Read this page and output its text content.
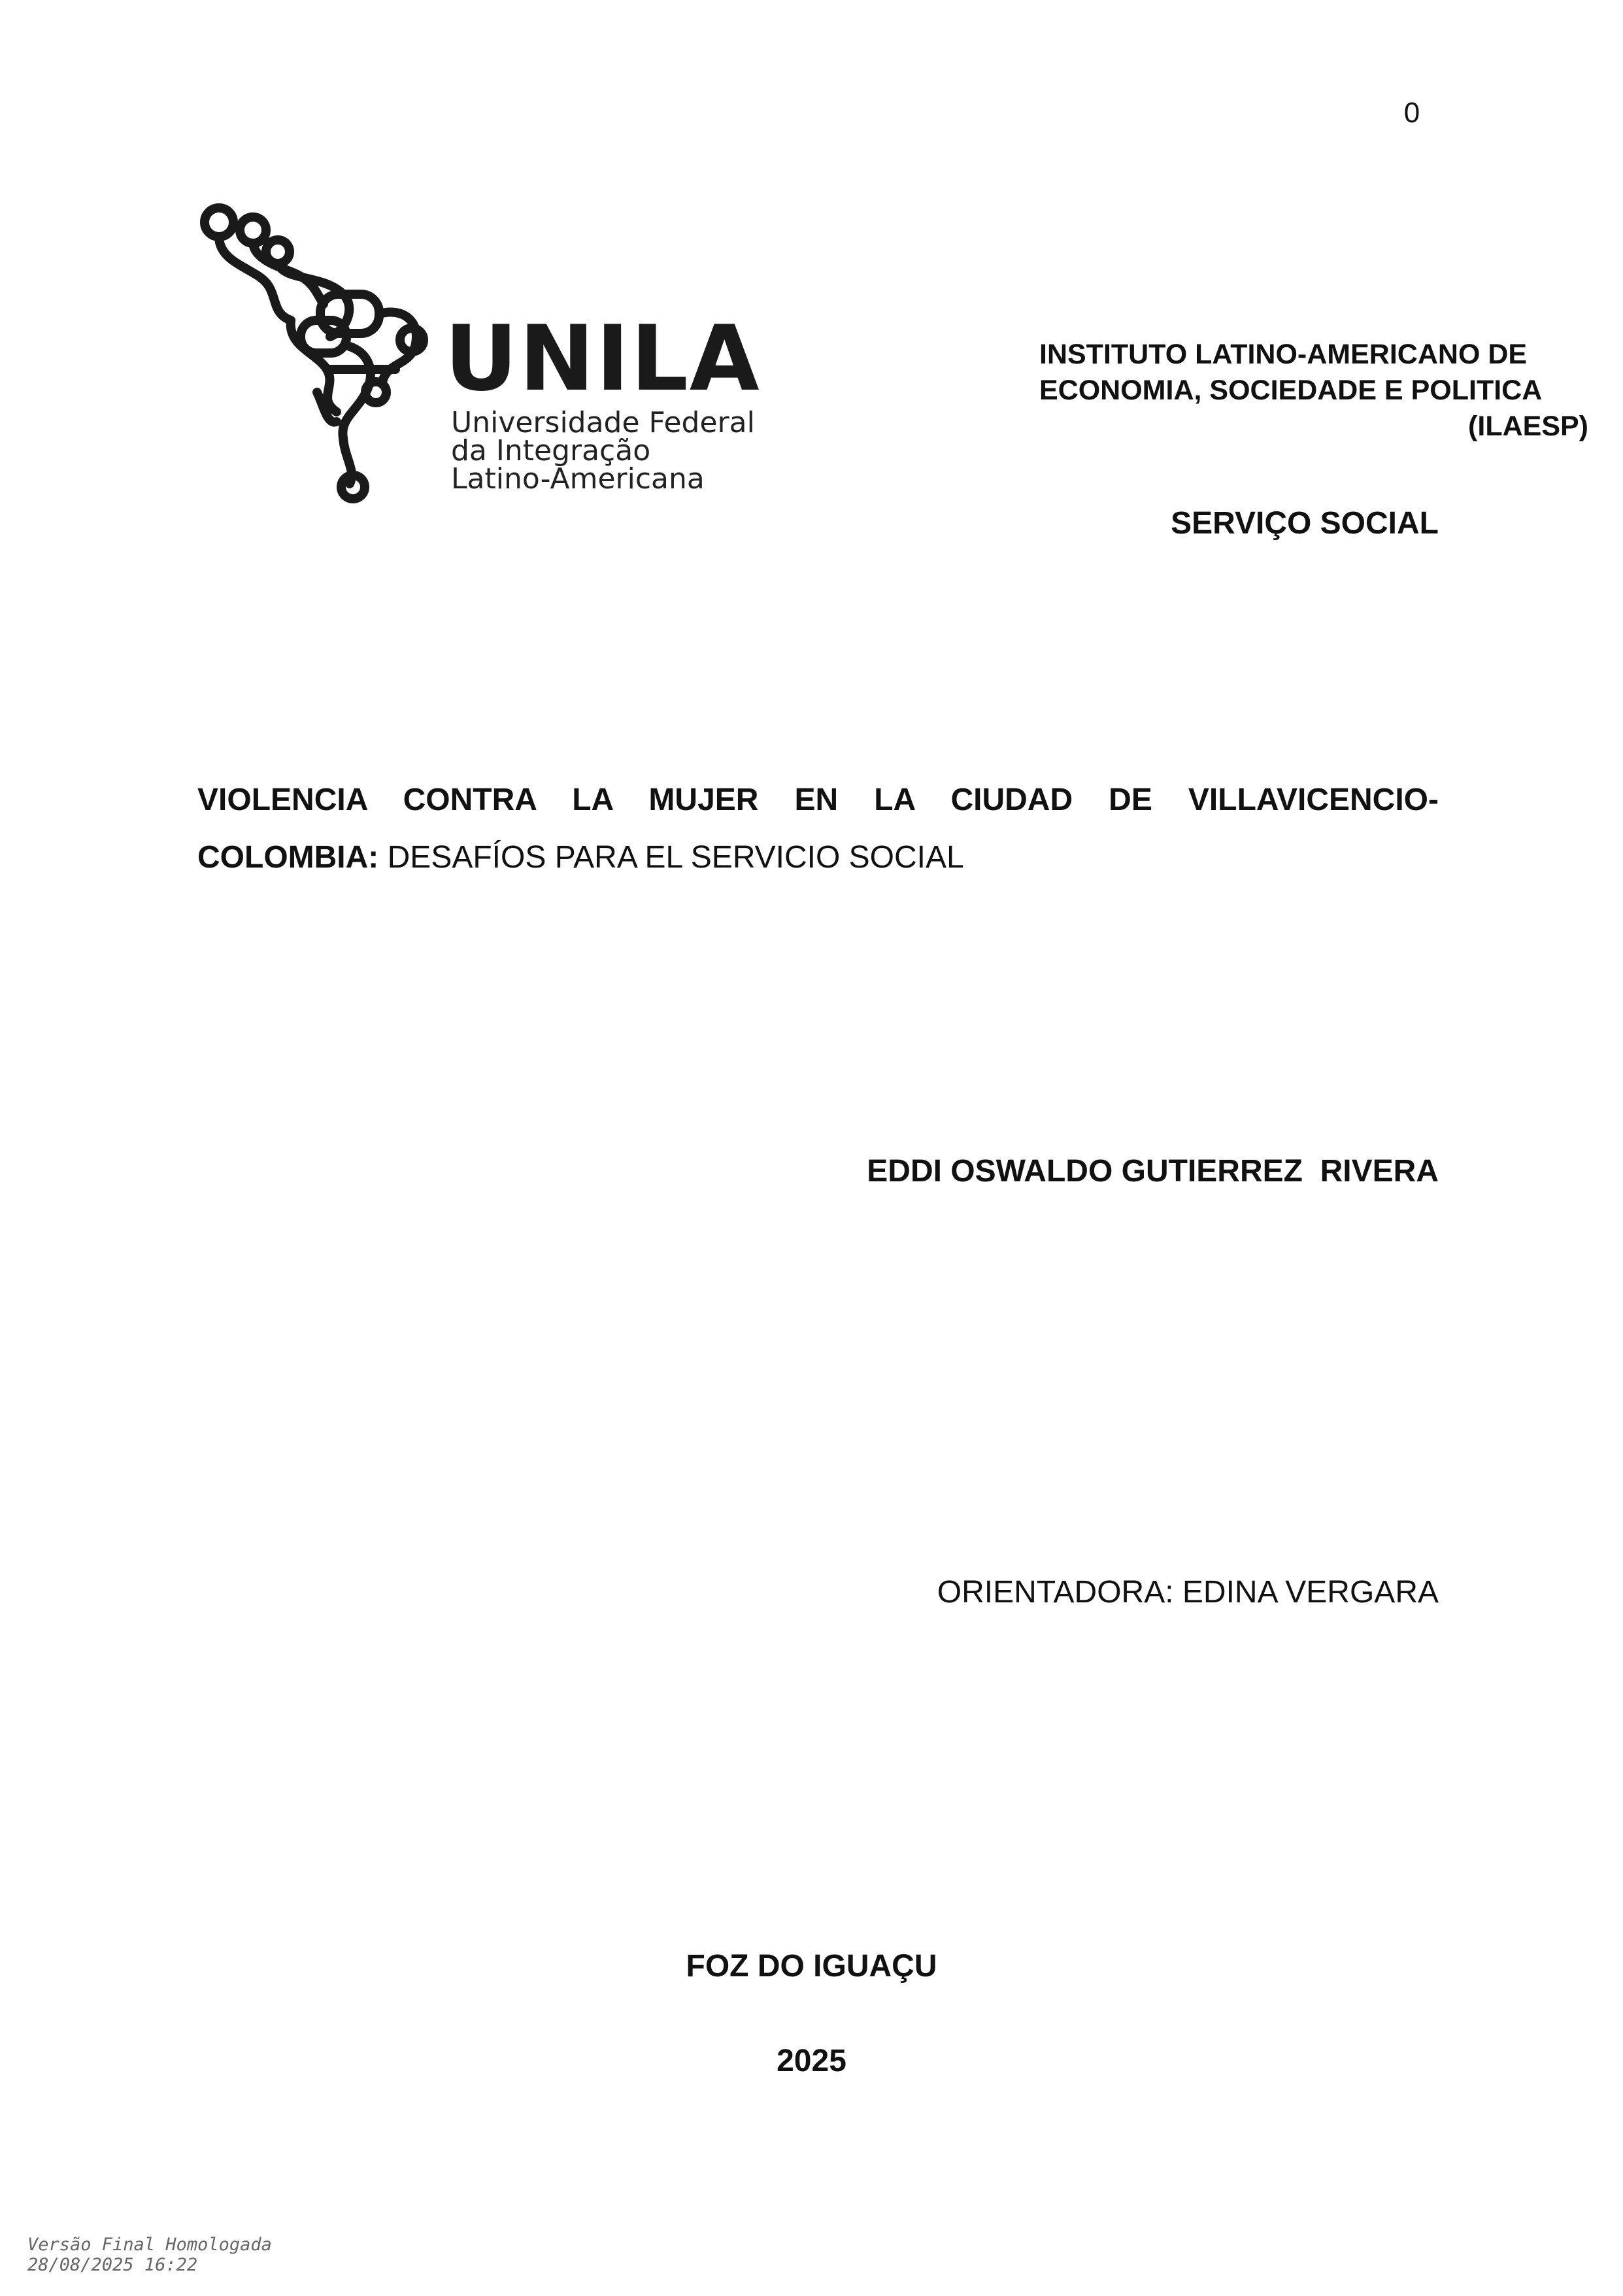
0
UNILA
Universidade Federal
da Integração
Latino-Americana
INSTITUTO LATINO-AMERICANO DE
ECONOMIA, SOCIEDADE E POLITICA
(ILAESP)
SERVIÇO SOCIAL
VIOLENCIA CONTRA LA MUJER EN LA CIUDAD DE VILLAVICENCIO-
COLOMBIA: DESAFÍOS PARA EL SERVICIO SOCIAL
EDDI OSWALDO GUTIERREZ  RIVERA
ORIENTADORA: EDINA VERGARA
FOZ DO IGUAÇU
2025
Versão Final Homologada
28/08/2025 16:22
